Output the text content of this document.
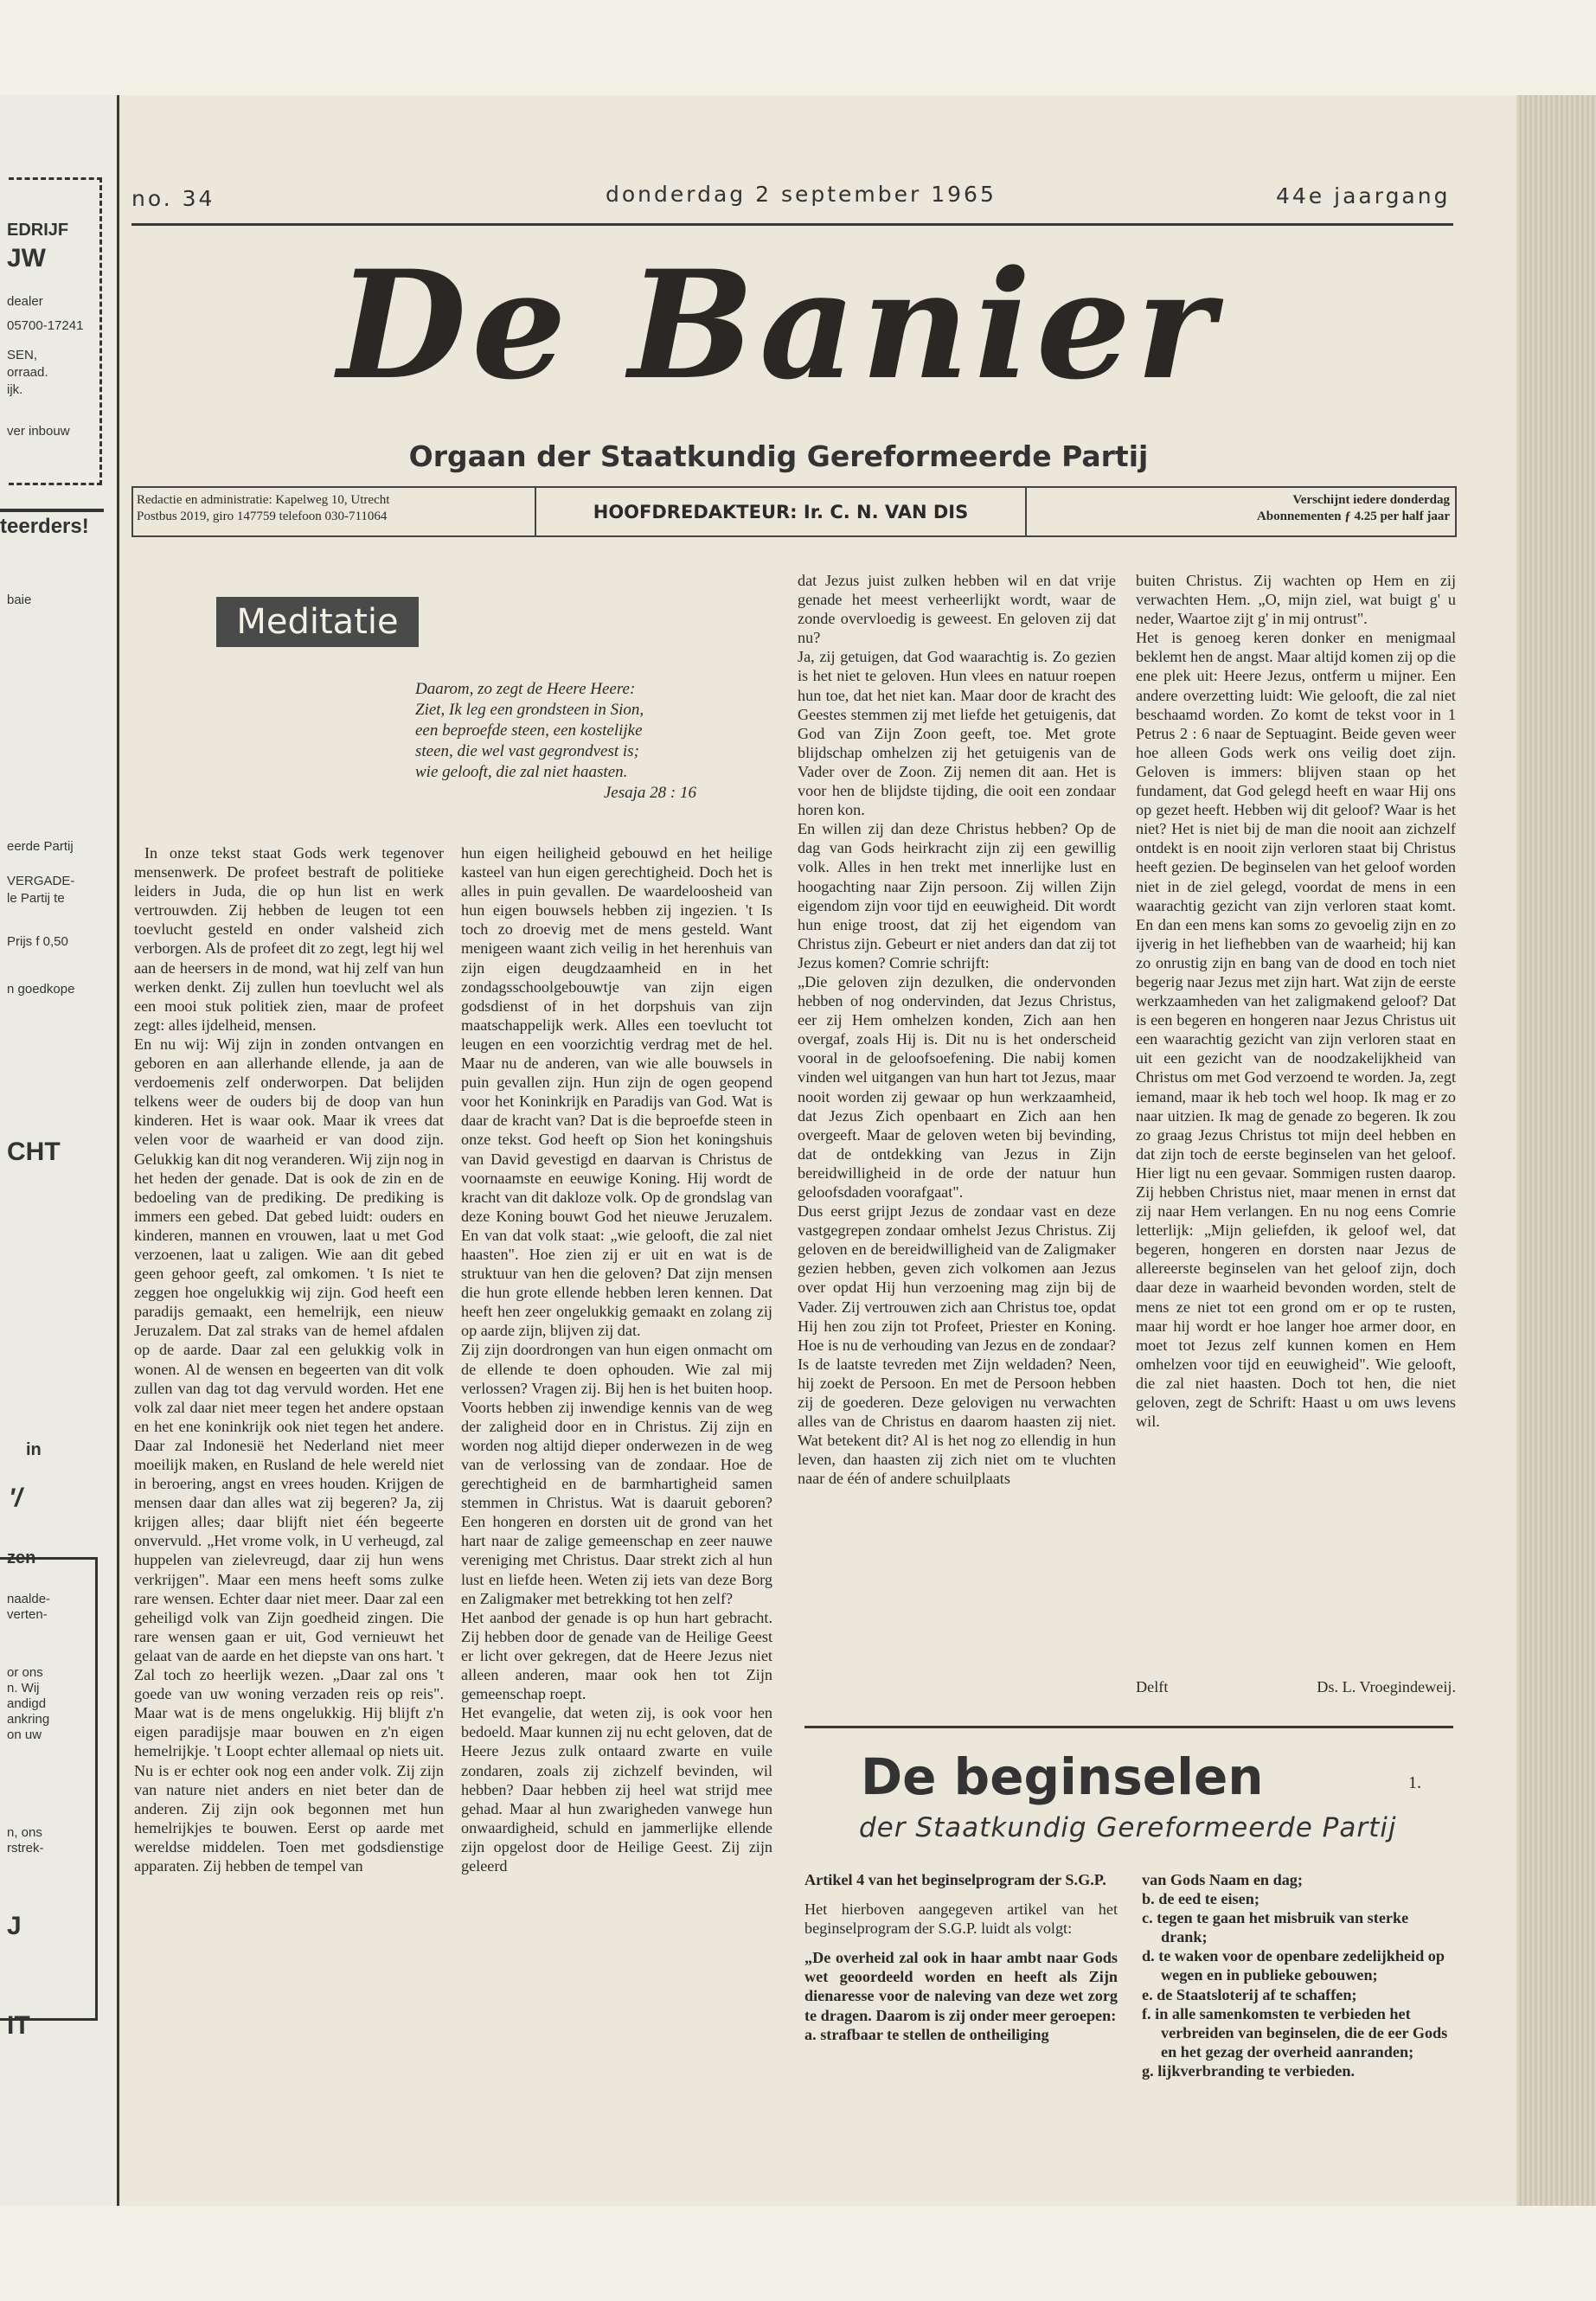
EDRIJF
JW
dealer
05700-17241
SEN,
orraad.
ijk.
ver inbouw
teerders!
baie
eerde Partij
VERGADE-
le Partij te
Prijs f 0,50
n goedkope
CHT
in
'/
zen
naalde-
verten-
or ons
n. Wij
andigd
ankring
on uw
n, ons
rstrek-
J
IT
no. 34	donderdag 2 september 1965	44e jaargang
De Banier
Orgaan der Staatkundig Gereformeerde Partij
Redactie en administratie: Kapelweg 10, Utrecht
Postbus 2019, giro 147759 telefoon 030-711064	HOOFDREDAKTEUR: Ir. C. N. VAN DIS
Verschijnt iedere donderdag
Abonnementen ƒ 4.25 per half jaar
Meditatie
Daarom, zo zegt de Heere Heere:
Ziet, Ik leg een grondsteen in Sion,
een beproefde steen, een kostelijke
steen, die wel vast gegrondvest is;
wie gelooft, die zal niet haasten.
Jesaja 28 : 16

In onze tekst staat Gods werk tegenover mensenwerk. De profeet bestraft de politieke leiders in Juda, die op hun list en werk vertrouwden. Zij hebben de leugen tot een toevlucht gesteld en onder valsheid zich verborgen. Als de profeet dit zo zegt, legt hij wel aan de heersers in de mond, wat hij zelf van hun werken denkt. Zij zullen hun toevlucht wel als een mooi stuk politiek zien, maar de profeet zegt: alles ijdelheid, mensen.

En nu wij: Wij zijn in zonden ontvangen en geboren en aan allerhande ellende, ja aan de verdoemenis zelf onderworpen. Dat belijden telkens weer de ouders bij de doop van hun kinderen. Het is waar ook. Maar ik vrees dat velen voor de waarheid er van dood zijn. Gelukkig kan dit nog veranderen. Wij zijn nog in het heden der genade. Dat is ook de zin en de bedoeling van de prediking. De prediking is immers een gebed. Dat gebed luidt: ouders en kinderen, mannen en vrouwen, laat u met God verzoenen, laat u zaligen. Wie aan dit gebed geen gehoor geeft, zal omkomen. 't Is niet te zeggen hoe ongelukkig wij zijn. God heeft een paradijs gemaakt, een hemelrijk, een nieuw Jeruzalem. Dat zal straks van de hemel afdalen op de aarde. Daar zal een gelukkig volk in wonen. Al de wensen en begeerten van dit volk zullen van dag tot dag vervuld worden. Het ene volk zal daar niet meer tegen het andere opstaan en het ene koninkrijk ook niet tegen het andere. Daar zal Indonesië het Nederland niet meer moeilijk maken, en Rusland de hele wereld niet in beroering, angst en vrees houden. Krijgen de mensen daar dan alles wat zij begeren? Ja, zij krijgen alles; daar blijft niet één begeerte onvervuld. „Het vrome volk, in U verheugd, zal huppelen van zielevreugd, daar zij hun wens verkrijgen". Maar een mens heeft soms zulke rare wensen. Echter daar niet meer. Daar zal een geheiligd volk van Zijn goedheid zingen. Die rare wensen gaan er uit, God vernieuwt het gelaat van de aarde en het diepste van ons hart. 't Zal toch zo heerlijk wezen. „Daar zal ons 't goede van uw woning verzaden reis op reis". Maar wat is de mens ongelukkig. Hij blijft z'n eigen paradijsje maar bouwen en z'n eigen hemelrijkje. 't Loopt echter allemaal op niets uit. Nu is er echter ook nog een ander volk. Zij zijn van nature niet anders en niet beter dan de anderen. Zij zijn ook begonnen met hun hemelrijkjes te bouwen. Eerst op aarde met wereldse middelen. Toen met godsdienstige apparaten. Zij hebben de tempel van

hun eigen heiligheid gebouwd en het heilige kasteel van hun eigen gerechtigheid. Doch het is alles in puin gevallen. De waardeloosheid van hun eigen bouwsels hebben zij ingezien. 't Is toch zo droevig met de mens gesteld. Want menigeen waant zich veilig in het herenhuis van zijn eigen deugdzaamheid en in het zondagsschoolgebouwtje van zijn eigen godsdienst of in het dorpshuis van zijn maatschappelijk werk. Alles een toevlucht tot leugen en een voorzichtig verdrag met de hel. Maar nu de anderen, van wie alle bouwsels in puin gevallen zijn. Hun zijn de ogen geopend voor het Koninkrijk en Paradijs van God. Wat is daar de kracht van? Dat is die beproefde steen in onze tekst. God heeft op Sion het koningshuis van David gevestigd en daarvan is Christus de voornaamste en eeuwige Koning. Hij wordt de kracht van dit dakloze volk. Op de grondslag van deze Koning bouwt God het nieuwe Jeruzalem. En van dat volk staat: „wie gelooft, die zal niet haasten". Hoe zien zij er uit en wat is de struktuur van hen die geloven? Dat zijn mensen die hun grote ellende hebben leren kennen. Dat heeft hen zeer ongelukkig gemaakt en zolang zij op aarde zijn, blijven zij dat.

Zij zijn doordrongen van hun eigen onmacht om de ellende te doen ophouden. Wie zal mij verlossen? Vragen zij. Bij hen is het buiten hoop. Voorts hebben zij inwendige kennis van de weg der zaligheid door en in Christus. Zij zijn en worden nog altijd dieper onderwezen in de weg van de verlossing van de zondaar. Hoe de gerechtigheid en de barmhartigheid samen stemmen in Christus. Wat is daaruit geboren? Een hongeren en dorsten uit de grond van het hart naar de zalige gemeenschap en zeer nauwe vereniging met Christus. Daar strekt zich al hun lust en liefde heen. Weten zij iets van deze Borg en Zaligmaker met betrekking tot hen zelf?

Het aanbod der genade is op hun hart gebracht. Zij hebben door de genade van de Heilige Geest er licht over gekregen, dat de Heere Jezus niet alleen anderen, maar ook hen tot Zijn gemeenschap roept.

Het evangelie, dat weten zij, is ook voor hen bedoeld. Maar kunnen zij nu echt geloven, dat de Heere Jezus zulk ontaard zwarte en vuile zondaren, zoals zij zichzelf bevinden, wil hebben? Daar hebben zij heel wat strijd mee gehad. Maar al hun zwarigheden vanwege hun onwaardigheid, schuld en jammerlijke ellende zijn opgelost door de Heilige Geest. Zij zijn geleerd

dat Jezus juist zulken hebben wil en dat vrije genade het meest verheerlijkt wordt, waar de zonde overvloedig is geweest. En geloven zij dat nu?

Ja, zij getuigen, dat God waarachtig is. Zo gezien is het niet te geloven. Hun vlees en natuur roepen hun toe, dat het niet kan. Maar door de kracht des Geestes stemmen zij met liefde het getuigenis, dat God van Zijn Zoon geeft, toe. Met grote blijdschap omhelzen zij het getuigenis van de Vader over de Zoon. Zij nemen dit aan. Het is voor hen de blijdste tijding, die ooit een zondaar horen kon.

En willen zij dan deze Christus hebben? Op de dag van Gods heirkracht zijn zij een gewillig volk. Alles in hen trekt met innerlijke lust en hoogachting naar Zijn persoon. Zij willen Zijn eigendom zijn voor tijd en eeuwigheid. Dit wordt hun enige troost, dat zij het eigendom van Christus zijn. Gebeurt er niet anders dan dat zij tot Jezus komen? Comrie schrijft:

„Die geloven zijn dezulken, die ondervonden hebben of nog ondervinden, dat Jezus Christus, eer zij Hem omhelzen konden, Zich aan hen overgaf, zoals Hij is. Dit nu is het onderscheid vooral in de geloofsoefening. Die nabij komen vinden wel uitgangen van hun hart tot Jezus, maar nooit worden zij gewaar op hun werkzaamheid, dat Jezus Zich openbaart en Zich aan hen overgeeft. Maar de geloven weten bij bevinding, dat de ontdekking van Jezus in Zijn bereidwilligheid in de orde der natuur hun geloofsdaden voorafgaat".

Dus eerst grijpt Jezus de zondaar vast en deze vastgegrepen zondaar omhelst Jezus Christus. Zij geloven en de bereidwilligheid van de Zaligmaker gezien hebben, geven zich volkomen aan Jezus over opdat Hij hun verzoening mag zijn bij de Vader. Zij vertrouwen zich aan Christus toe, opdat Hij hen zou zijn tot Profeet, Priester en Koning. Hoe is nu de verhouding van Jezus en de zondaar? Is de laatste tevreden met Zijn weldaden? Neen, hij zoekt de Persoon. En met de Persoon hebben zij de goederen. Deze gelovigen nu verwachten alles van de Christus en daarom haasten zij niet. Wat betekent dit? Al is het nog zo ellendig in hun leven, dan haasten zij zich niet om te vluchten naar de één of andere schuilplaats

buiten Christus. Zij wachten op Hem en zij verwachten Hem. „O, mijn ziel, wat buigt g' u neder, Waartoe zijt g' in mij ontrust".

Het is genoeg keren donker en menigmaal beklemt hen de angst. Maar altijd komen zij op die ene plek uit: Heere Jezus, ontferm u mijner. Een andere overzetting luidt: Wie gelooft, die zal niet beschaamd worden. Zo komt de tekst voor in 1 Petrus 2 : 6 naar de Septuagint. Beide geven weer hoe alleen Gods werk ons veilig doet zijn. Geloven is immers: blijven staan op het fundament, dat God gelegd heeft en waar Hij ons op gezet heeft. Hebben wij dit geloof? Waar is het niet? Het is niet bij de man die nooit aan zichzelf ontdekt is en nooit zijn verloren staat bij Christus heeft gezien. De beginselen van het geloof worden niet in de ziel gelegd, voordat de mens in een waarachtig gezicht van zijn verloren staat komt. En dan een mens kan soms zo gevoelig zijn en zo ijverig in het liefhebben van de waarheid; hij kan zo onrustig zijn en bang van de dood en toch niet begerig naar Jezus met zijn hart. Wat zijn de eerste werkzaamheden van het zaligmakend geloof? Dat is een begeren en hongeren naar Jezus Christus uit een waarachtig gezicht van zijn verloren staat en uit een gezicht van de noodzakelijkheid van Christus om met God verzoend te worden. Ja, zegt iemand, maar ik heb toch wel hoop. Ik mag er zo naar uitzien. Ik mag de genade zo begeren. Ik zou zo graag Jezus Christus tot mijn deel hebben en dat zijn toch de eerste beginselen van het geloof. Hier ligt nu een gevaar. Sommigen rusten daarop. Zij hebben Christus niet, maar menen in ernst dat zij naar Hem verlangen. En nu nog eens Comrie letterlijk: „Mijn geliefden, ik geloof wel, dat begeren, hongeren en dorsten naar Jezus de allereerste beginselen van het geloof zijn, doch daar deze in waarheid bevonden worden, stelt de mens ze niet tot een grond om er op te rusten, maar hij wordt er hoe langer hoe armer door, en moet tot Jezus zelf kunnen komen en Hem omhelzen voor tijd en eeuwigheid". Wie gelooft, die zal niet haasten. Doch tot hen, die niet geloven, zegt de Schrift: Haast u om uws levens wil.

Delft	Ds. L. Vroegindeweij.
De beginselen	1.
der Staatkundig Gereformeerde Partij

Artikel 4 van het beginselprogram der S.G.P.

Het hierboven aangegeven artikel van het beginselprogram der S.G.P. luidt als volgt:

„De overheid zal ook in haar ambt naar Gods wet geoordeeld worden en heeft als Zijn dienaresse voor de naleving van deze wet zorg te dragen. Daarom is zij onder meer geroepen:

a. strafbaar te stellen de ontheiliging

van Gods Naam en dag;
b. de eed te eisen;
c. tegen te gaan het misbruik van sterke drank;
d. te waken voor de openbare zedelijkheid op wegen en in publieke gebouwen;
e. de Staatsloterij af te schaffen;
f. in alle samenkomsten te verbieden het verbreiden van beginselen, die de eer Gods en het gezag der overheid aanranden;
g. lijkverbranding te verbieden.
